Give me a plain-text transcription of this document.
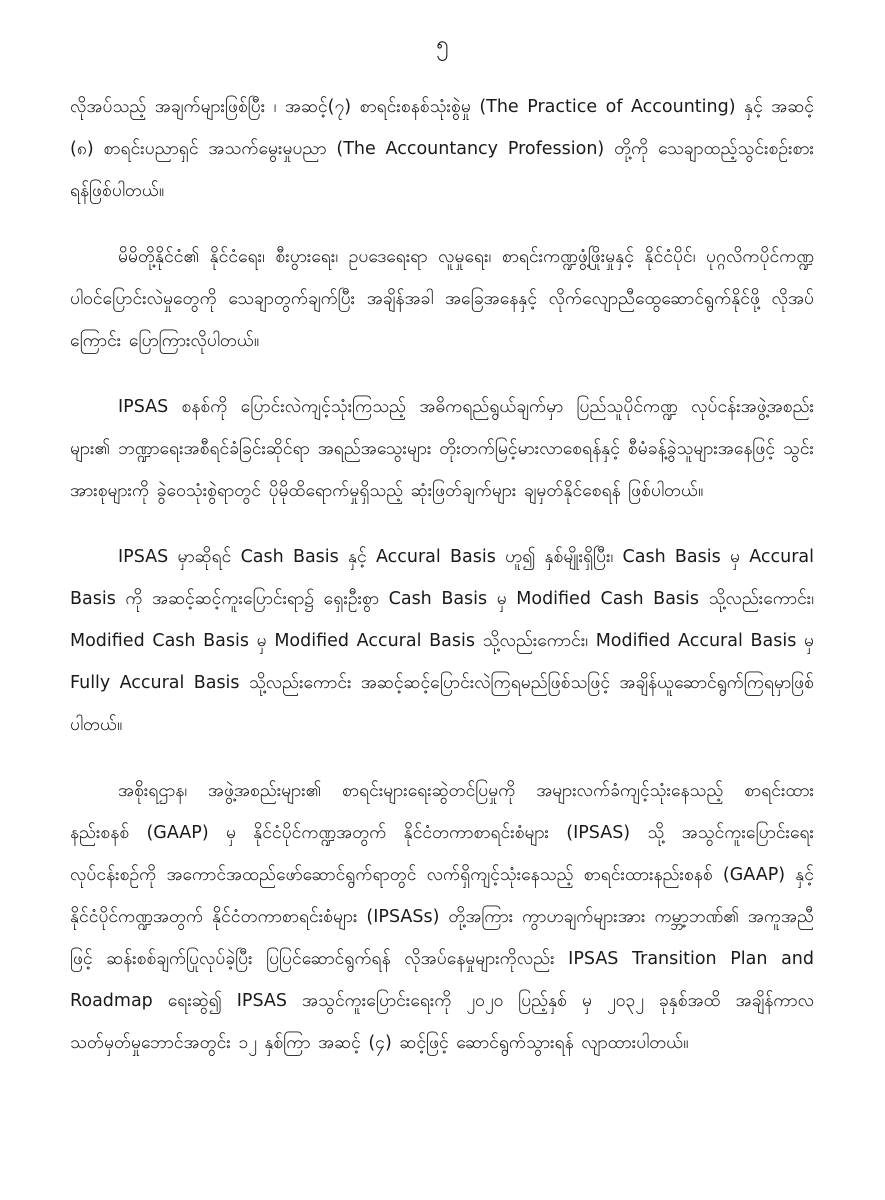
၅

လိုအပ်သည့် အချက်များဖြစ်ပြီး ၊ အဆင့်(၇) စာရင်းစနစ်သုံးစွဲမှု (The Practice of Accounting) နှင့် အဆင့် (၈) စာရင်းပညာရှင် အသက်မွေးမှုပညာ (The Accountancy Profession) တို့ကို သေချာထည့်သွင်းစဉ်းစားရန်ဖြစ်ပါတယ်။

မိမိတို့နိုင်ငံ၏ နိုင်ငံရေး၊ စီးပွားရေး၊ ဥပဒေရေးရာ လူမှုရေး၊ စာရင်းကဏ္ဍဖွံ့ဖြိုးမှုနှင့် နိုင်ငံပိုင်၊ ပုဂ္ဂလိကပိုင်ကဏ္ဍ ပါဝင်ပြောင်းလဲမှုတွေကို သေချာတွက်ချက်ပြီး အချိန်အခါ အခြေအနေနှင့် လိုက်လျောညီထွေဆောင်ရွက်နိုင်ဖို့ လိုအပ်ကြောင်း ပြောကြားလိုပါတယ်။

IPSAS စနစ်ကို ပြောင်းလဲကျင့်သုံးကြသည့် အဓိကရည်ရွယ်ချက်မှာ ပြည်သူပိုင်ကဏ္ဍ လုပ်ငန်းအဖွဲ့အစည်းများ၏ ဘဏ္ဍာရေးအစီရင်ခံခြင်းဆိုင်ရာ အရည်အသွေးများ တိုးတက်မြင့်မားလာစေရန်နှင့် စီမံခန့်ခွဲသူများအနေဖြင့် သွင်းအားစုများကို ခွဲဝေသုံးစွဲရာတွင် ပိုမိုထိရောက်မှုရှိသည့် ဆုံးဖြတ်ချက်များ ချမှတ်နိုင်စေရန် ဖြစ်ပါတယ်။

IPSAS မှာဆိုရင် Cash Basis နှင့် Accural Basis ဟူ၍ နှစ်မျိုးရှိပြီး၊ Cash Basis မှ Accural Basis ကို အဆင့်ဆင့်ကူးပြောင်းရာ၌ ရှေးဦးစွာ Cash Basis မှ Modified Cash Basis သို့လည်းကောင်း၊ Modified Cash Basis မှ Modified Accural Basis သို့လည်းကောင်း၊ Modified Accural Basis မှ Fully Accural Basis သို့လည်းကောင်း အဆင့်ဆင့်ပြောင်းလဲကြရမည်ဖြစ်သဖြင့် အချိန်ယူဆောင်ရွက်ကြရမှာဖြစ်ပါတယ်။

အစိုးရဌာန၊ အဖွဲ့အစည်းများ၏ စာရင်းများရေးဆွဲတင်ပြမှုကို အများလက်ခံကျင့်သုံးနေသည့် စာရင်းထားနည်းစနစ် (GAAP) မှ နိုင်ငံပိုင်ကဏ္ဍအတွက် နိုင်ငံတကာစာရင်းစံများ (IPSAS) သို့ အသွင်ကူးပြောင်းရေးလုပ်ငန်းစဉ်ကို အကောင်အထည်ဖော်ဆောင်ရွက်ရာတွင် လက်ရှိကျင့်သုံးနေသည့် စာရင်းထားနည်းစနစ် (GAAP) နှင့် နိုင်ငံပိုင်ကဏ္ဍအတွက် နိုင်ငံတကာစာရင်းစံများ (IPSASs) တို့အကြား ကွာဟချက်များအား ကမ္ဘာ့ဘဏ်၏ အကူအညီဖြင့် ဆန်းစစ်ချက်ပြုလုပ်ခဲ့ပြီး ပြပြင်ဆောင်ရွက်ရန် လိုအပ်နေမှုများကိုလည်း IPSAS Transition Plan and Roadmap ရေးဆွဲ၍ IPSAS အသွင်ကူးပြောင်းရေးကို ၂၀၂၀ ပြည့်နှစ် မှ ၂၀၃၂ ခုနှစ်အထိ အချိန်ကာလ သတ်မှတ်မှုဘောင်အတွင်း ၁၂ နှစ်ကြာ အဆင့် (၄) ဆင့်ဖြင့် ဆောင်ရွက်သွားရန် လျာထားပါတယ်။
